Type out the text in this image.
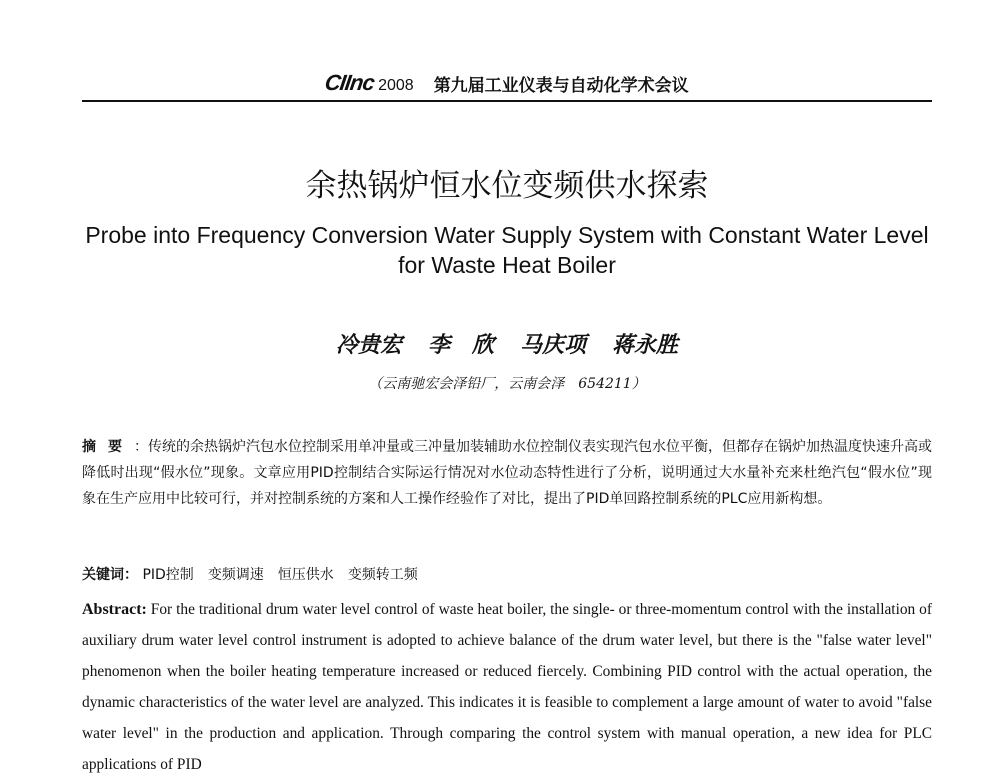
CIInc 2008 第九届工业仪表与自动化学术会议
余热锅炉恒水位变频供水探索
Probe into Frequency Conversion Water Supply System with Constant Water Level for Waste Heat Boiler
冷贵宏 李　欣 马庆项 蒋永胜
（云南驰宏会泽铅厂，云南会泽　654211）
摘要：传统的余热锅炉汽包水位控制采用单冲量或三冲量加装辅助水位控制仪表实现汽包水位平衡，但都存在锅炉加热温度快速升高或降低时出现“假水位”现象。文章应用PID控制结合实际运行情况对水位动态特性进行了分析，说明通过大水量补充来杜绝汽包“假水位”现象在生产应用中比较可行，并对控制系统的方案和人工操作经验作了对比，提出了PID单回路控制系统的PLC应用新构想。
关键词： PID控制 变频调速 恒压供水 变频转工频
Abstract: For the traditional drum water level control of waste heat boiler, the single- or three-momentum control with the installation of auxiliary drum water level control instrument is adopted to achieve balance of the drum water level, but there is the "false water level" phenomenon when the boiler heating temperature increased or reduced fiercely. Combining PID control with the actual operation, the dynamic characteristics of the water level are analyzed. This indicates it is feasible to complement a large amount of water to avoid "false water level" in the production and application. Through comparing the control system with manual operation, a new idea for PLC applications of PID
